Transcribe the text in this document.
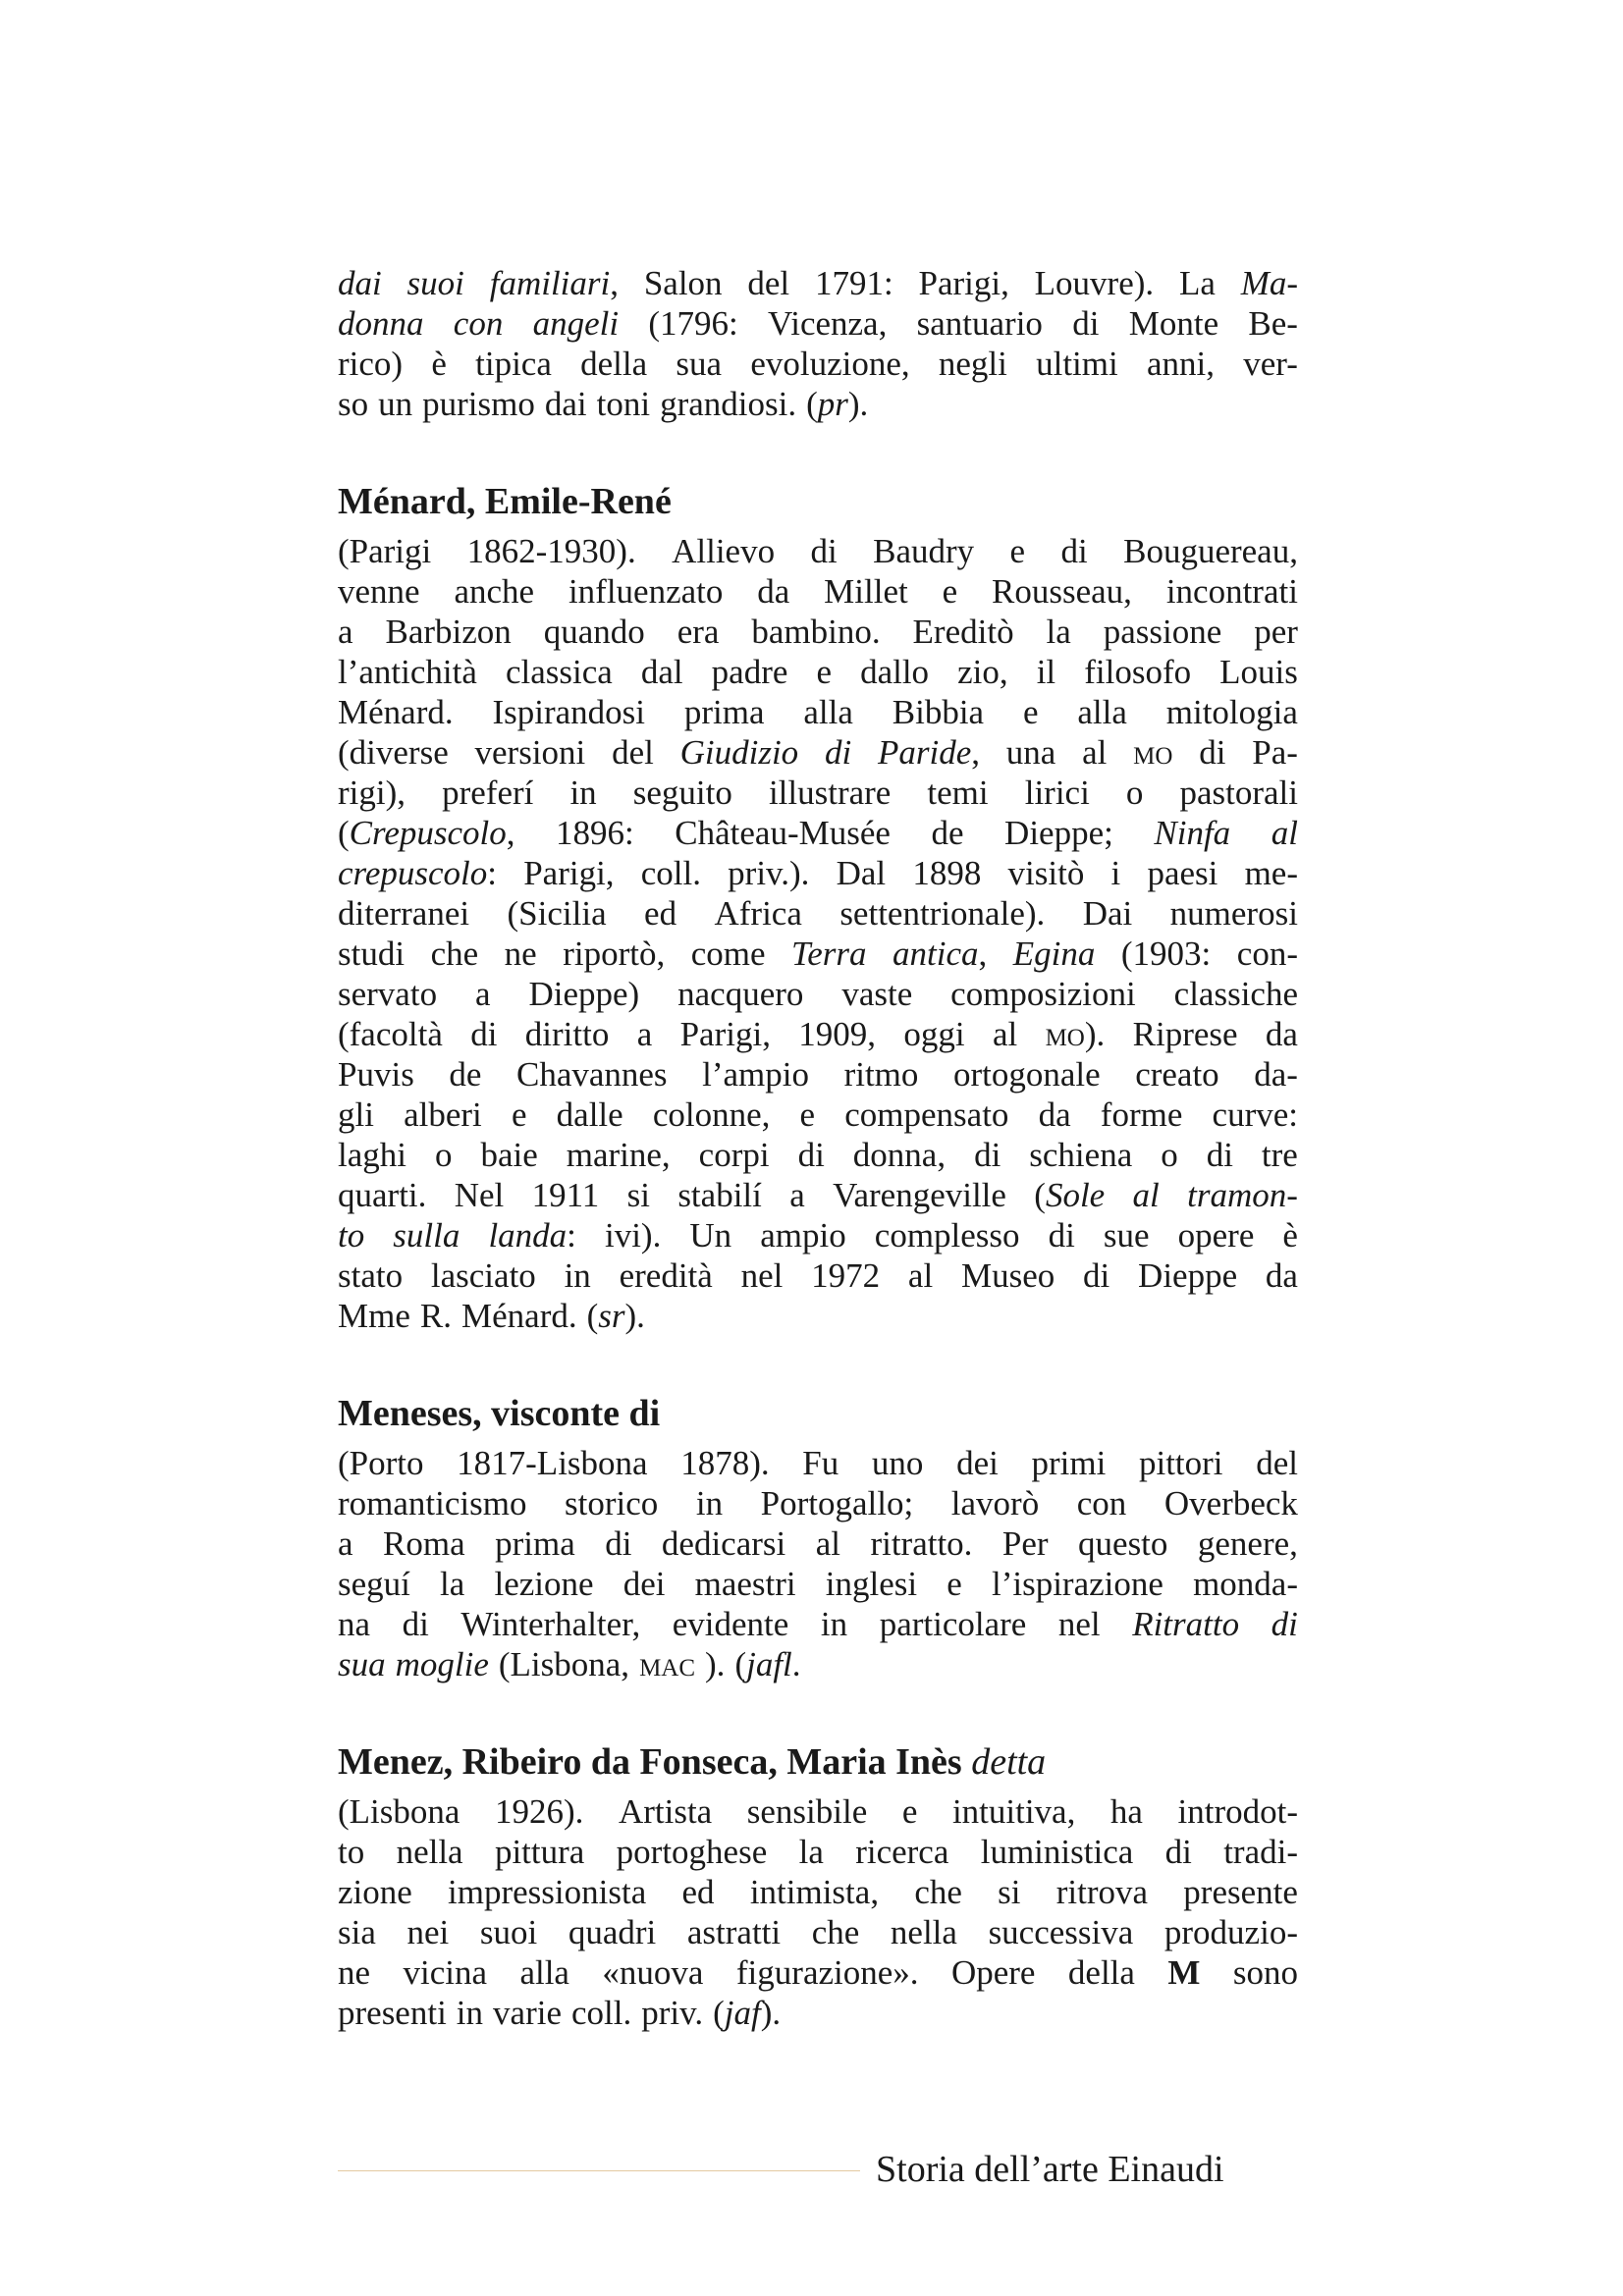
dai suoi familiari, Salon del 1791: Parigi, Louvre). La Ma-
donna con angeli (1796: Vicenza, santuario di Monte Be-
rico) è tipica della sua evoluzione, negli ultimi anni, ver-
so un purismo dai toni grandiosi. (pr).
Ménard, Emile-René
(Parigi 1862-1930). Allievo di Baudry e di Bouguereau,
venne anche influenzato da Millet e Rousseau, incontrati
a Barbizon quando era bambino. Ereditò la passione per
l’antichità classica dal padre e dallo zio, il filosofo Louis
Ménard. Ispirandosi prima alla Bibbia e alla mitologia
(diverse versioni del Giudizio di Paride, una al mo di Pa-
rigi), preferí in seguito illustrare temi lirici o pastorali
(Crepuscolo, 1896: Château-Musée de Dieppe; Ninfa al
crepuscolo: Parigi, coll. priv.). Dal 1898 visitò i paesi me-
diterranei (Sicilia ed Africa settentrionale). Dai numerosi
studi che ne riportò, come Terra antica, Egina (1903: con-
servato a Dieppe) nacquero vaste composizioni classiche
(facoltà di diritto a Parigi, 1909, oggi al mo). Riprese da
Puvis de Chavannes l’ampio ritmo ortogonale creato da-
gli alberi e dalle colonne, e compensato da forme curve:
laghi o baie marine, corpi di donna, di schiena o di tre
quarti. Nel 1911 si stabilí a Varengeville (Sole al tramon-
to sulla landa: ivi). Un ampio complesso di sue opere è
stato lasciato in eredità nel 1972 al Museo di Dieppe da
Mme R. Ménard. (sr).
Meneses, visconte di
(Porto 1817-Lisbona 1878). Fu uno dei primi pittori del
romanticismo storico in Portogallo; lavorò con Overbeck
a Roma prima di dedicarsi al ritratto. Per questo genere,
seguí la lezione dei maestri inglesi e l’ispirazione monda-
na di Winterhalter, evidente in particolare nel Ritratto di
sua moglie (Lisbona, mac ). (jafl.
Menez, Ribeiro da Fonseca, Maria Inès detta
(Lisbona 1926). Artista sensibile e intuitiva, ha introdot-
to nella pittura portoghese la ricerca luministica di tradi-
zione impressionista ed intimista, che si ritrova presente
sia nei suoi quadri astratti che nella successiva produzio-
ne vicina alla «nuova figurazione». Opere della M sono
presenti in varie coll. priv. (jaf).
Storia dell’arte Einaudi
